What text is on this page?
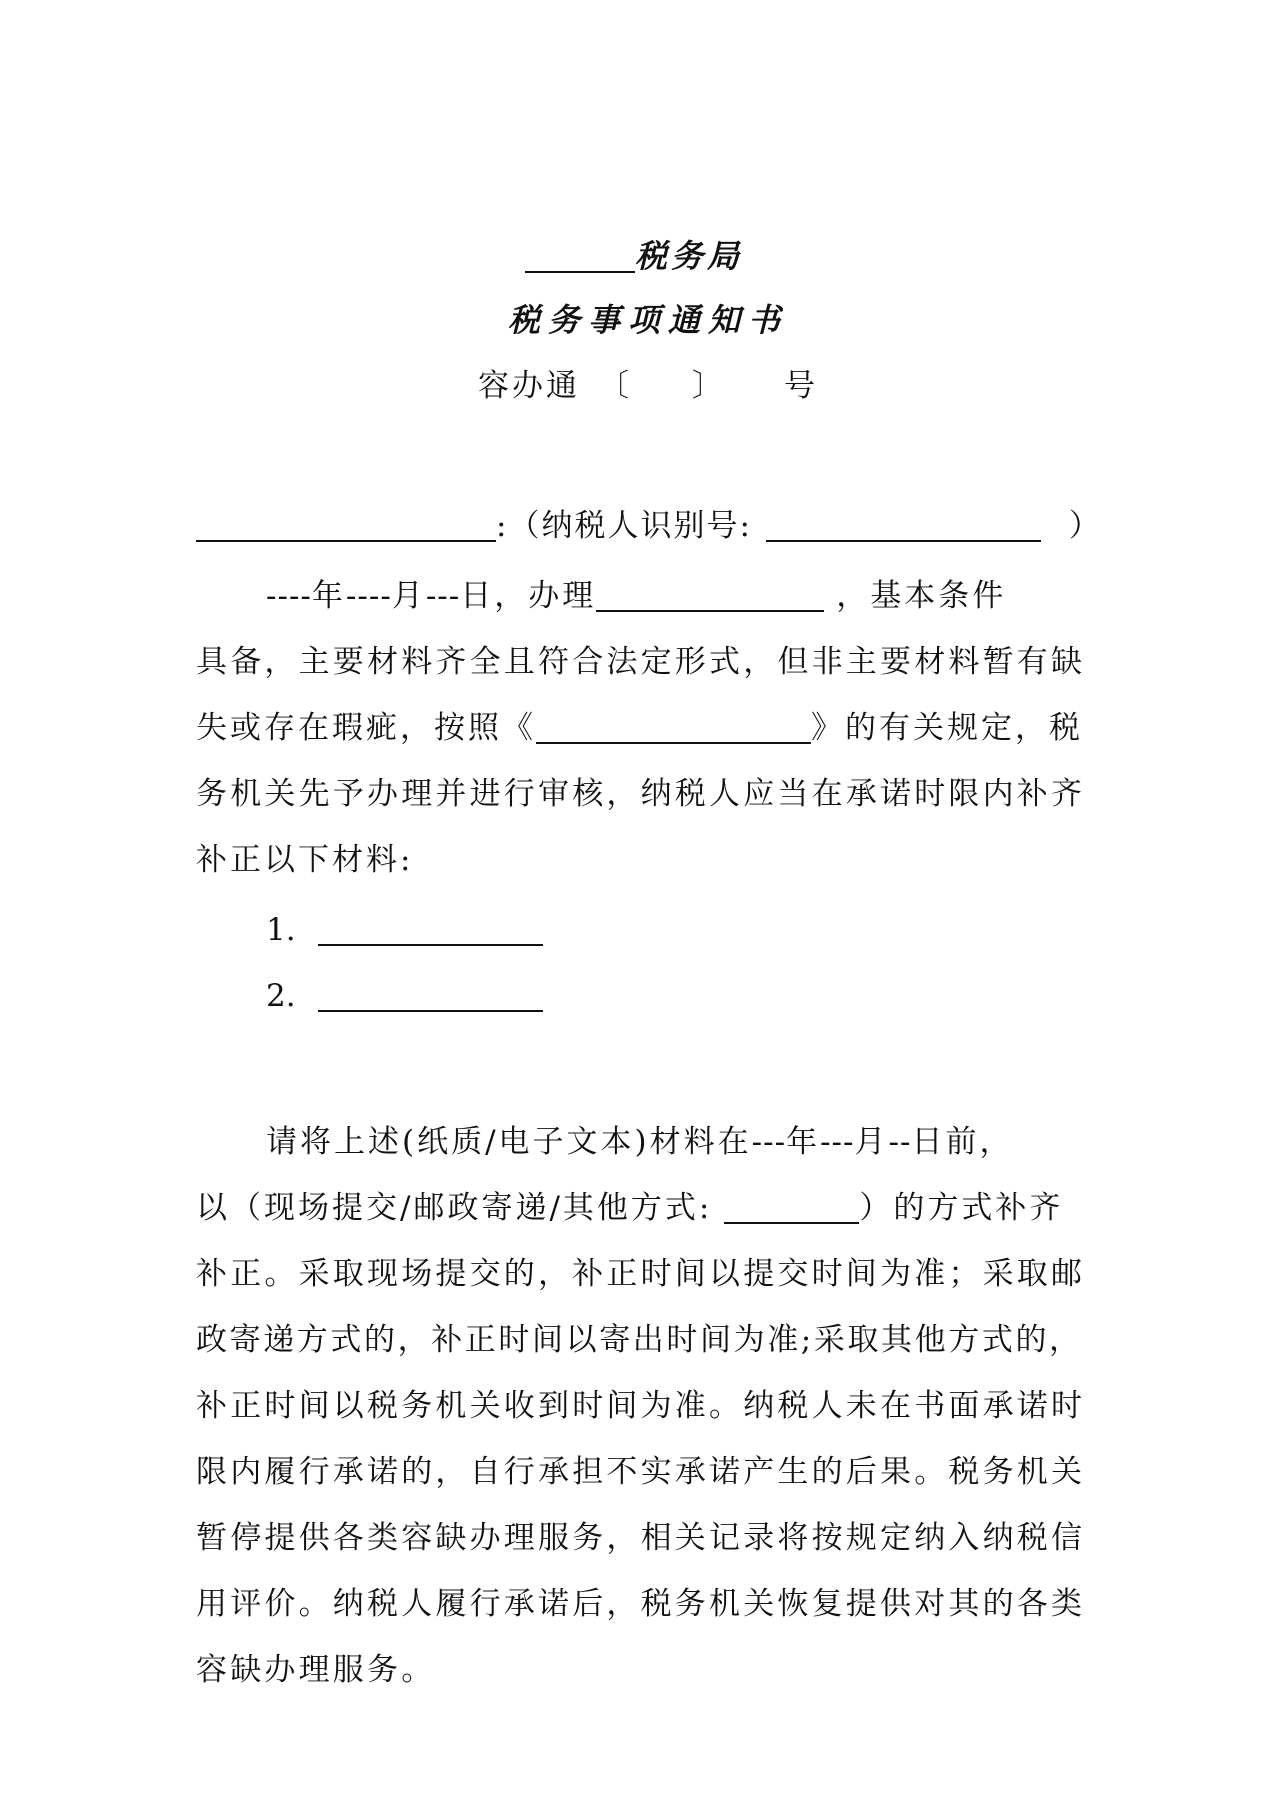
税务局
税务事项通知书
容办通 〔 〕 号
:（纳税人识别号:	）
----年----月---日，办理	，基本条件
具备，主要材料齐全且符合法定形式，但非主要材料暂有缺
失或存在瑕疵，按照《	》的有关规定，税
务机关先予办理并进行审核，纳税人应当在承诺时限内补齐
补正以下材料:
1.
2.
请将上述(纸质/电子文本)材料在---年---月--日前，
以（现场提交/邮政寄递/其他方式:	）的方式补齐
补正。采取现场提交的，补正时间以提交时间为准；采取邮
政寄递方式的，补正时间以寄出时间为准;采取其他方式的，
补正时间以税务机关收到时间为准。纳税人未在书面承诺时
限内履行承诺的，自行承担不实承诺产生的后果。税务机关
暂停提供各类容缺办理服务，相关记录将按规定纳入纳税信
用评价。纳税人履行承诺后，税务机关恢复提供对其的各类
容缺办理服务。
